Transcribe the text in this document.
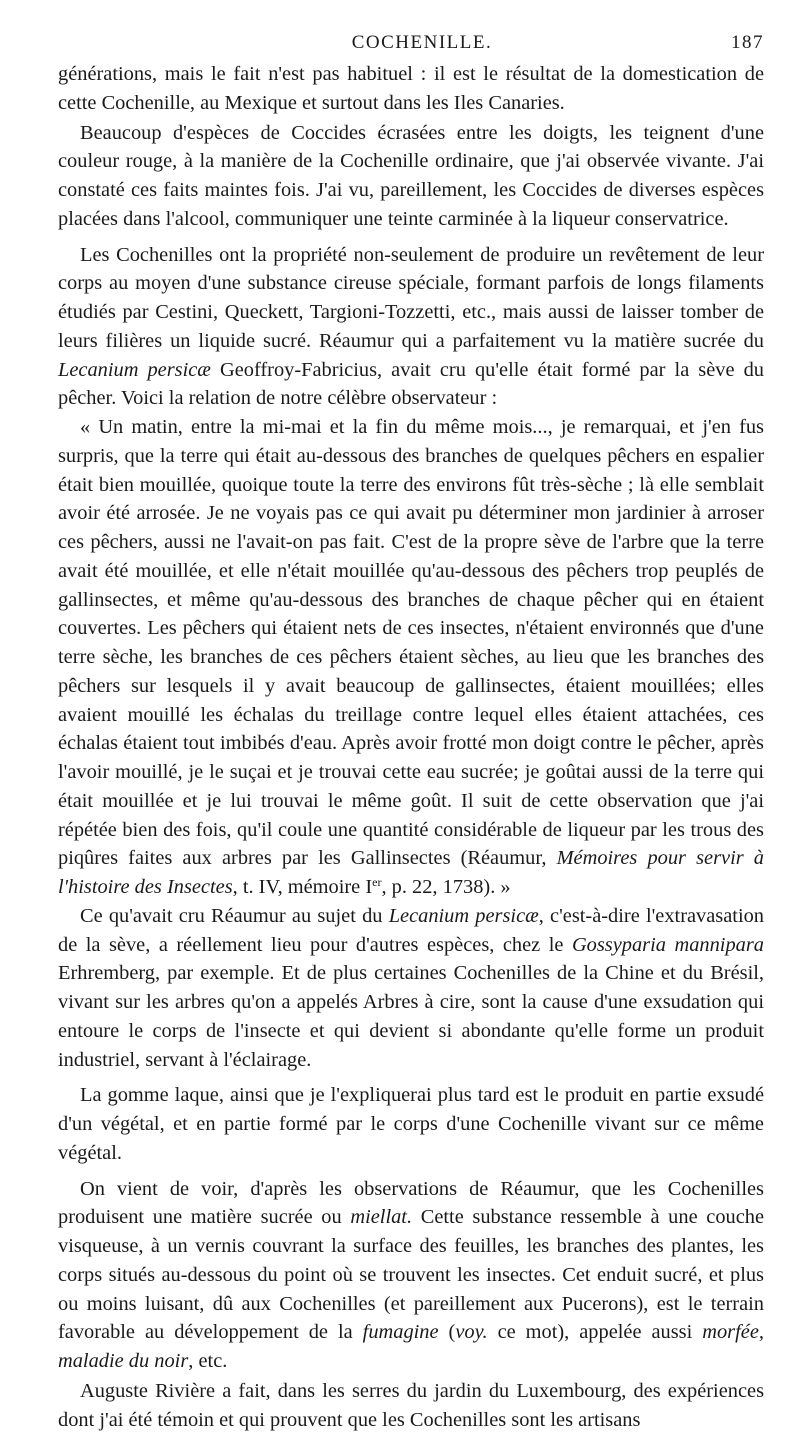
COCHENILLE.	187

générations, mais le fait n'est pas habituel : il est le résultat de la domestication de cette Cochenille, au Mexique et surtout dans les Iles Canaries.

Beaucoup d'espèces de Coccides écrasées entre les doigts, les teignent d'une couleur rouge, à la manière de la Cochenille ordinaire, que j'ai observée vivante. J'ai constaté ces faits maintes fois. J'ai vu, pareillement, les Coccides de diverses espèces placées dans l'alcool, communiquer une teinte carminée à la liqueur conservatrice.

Les Cochenilles ont la propriété non-seulement de produire un revêtement de leur corps au moyen d'une substance cireuse spéciale, formant parfois de longs filaments étudiés par Cestini, Queckett, Targioni-Tozzetti, etc., mais aussi de laisser tomber de leurs filières un liquide sucré. Réaumur qui a parfaitement vu la matière sucrée du Lecanium persicæ Geoffroy-Fabricius, avait cru qu'elle était formé par la sève du pêcher. Voici la relation de notre célèbre observateur :

« Un matin, entre la mi-mai et la fin du même mois..., je remarquai, et j'en fus surpris, que la terre qui était au-dessous des branches de quelques pêchers en espalier était bien mouillée, quoique toute la terre des environs fût très-sèche ; là elle semblait avoir été arrosée. Je ne voyais pas ce qui avait pu déterminer mon jardinier à arroser ces pêchers, aussi ne l'avait-on pas fait. C'est de la propre sève de l'arbre que la terre avait été mouillée, et elle n'était mouillée qu'au-dessous des pêchers trop peuplés de gallinsectes, et même qu'au-dessous des branches de chaque pêcher qui en étaient couvertes. Les pêchers qui étaient nets de ces insectes, n'étaient environnés que d'une terre sèche, les branches de ces pêchers étaient sèches, au lieu que les branches des pêchers sur lesquels il y avait beaucoup de gallinsectes, étaient mouillées; elles avaient mouillé les échalas du treillage contre lequel elles étaient attachées, ces échalas étaient tout imbibés d'eau. Après avoir frotté mon doigt contre le pêcher, après l'avoir mouillé, je le suçai et je trouvai cette eau sucrée; je goûtai aussi de la terre qui était mouillée et je lui trouvai le même goût. Il suit de cette observation que j'ai répétée bien des fois, qu'il coule une quantité considérable de liqueur par les trous des piqûres faites aux arbres par les Gallinsectes (Réaumur, Mémoires pour servir à l'histoire des Insectes, t. IV, mémoire Ier, p. 22, 1738). »

Ce qu'avait cru Réaumur au sujet du Lecanium persicæ, c'est-à-dire l'extravasation de la sève, a réellement lieu pour d'autres espèces, chez le Gossyparia mannipara Erhremberg, par exemple. Et de plus certaines Cochenilles de la Chine et du Brésil, vivant sur les arbres qu'on a appelés Arbres à cire, sont la cause d'une exsudation qui entoure le corps de l'insecte et qui devient si abondante qu'elle forme un produit industriel, servant à l'éclairage.

La gomme laque, ainsi que je l'expliquerai plus tard est le produit en partie exsudé d'un végétal, et en partie formé par le corps d'une Cochenille vivant sur ce même végétal.

On vient de voir, d'après les observations de Réaumur, que les Cochenilles produisent une matière sucrée ou miellat. Cette substance ressemble à une couche visqueuse, à un vernis couvrant la surface des feuilles, les branches des plantes, les corps situés au-dessous du point où se trouvent les insectes. Cet enduit sucré, et plus ou moins luisant, dû aux Cochenilles (et pareillement aux Pucerons), est le terrain favorable au développement de la fumagine (voy. ce mot), appelée aussi morfée, maladie du noir, etc.

Auguste Rivière a fait, dans les serres du jardin du Luxembourg, des expériences dont j'ai été témoin et qui prouvent que les Cochenilles sont les artisans
